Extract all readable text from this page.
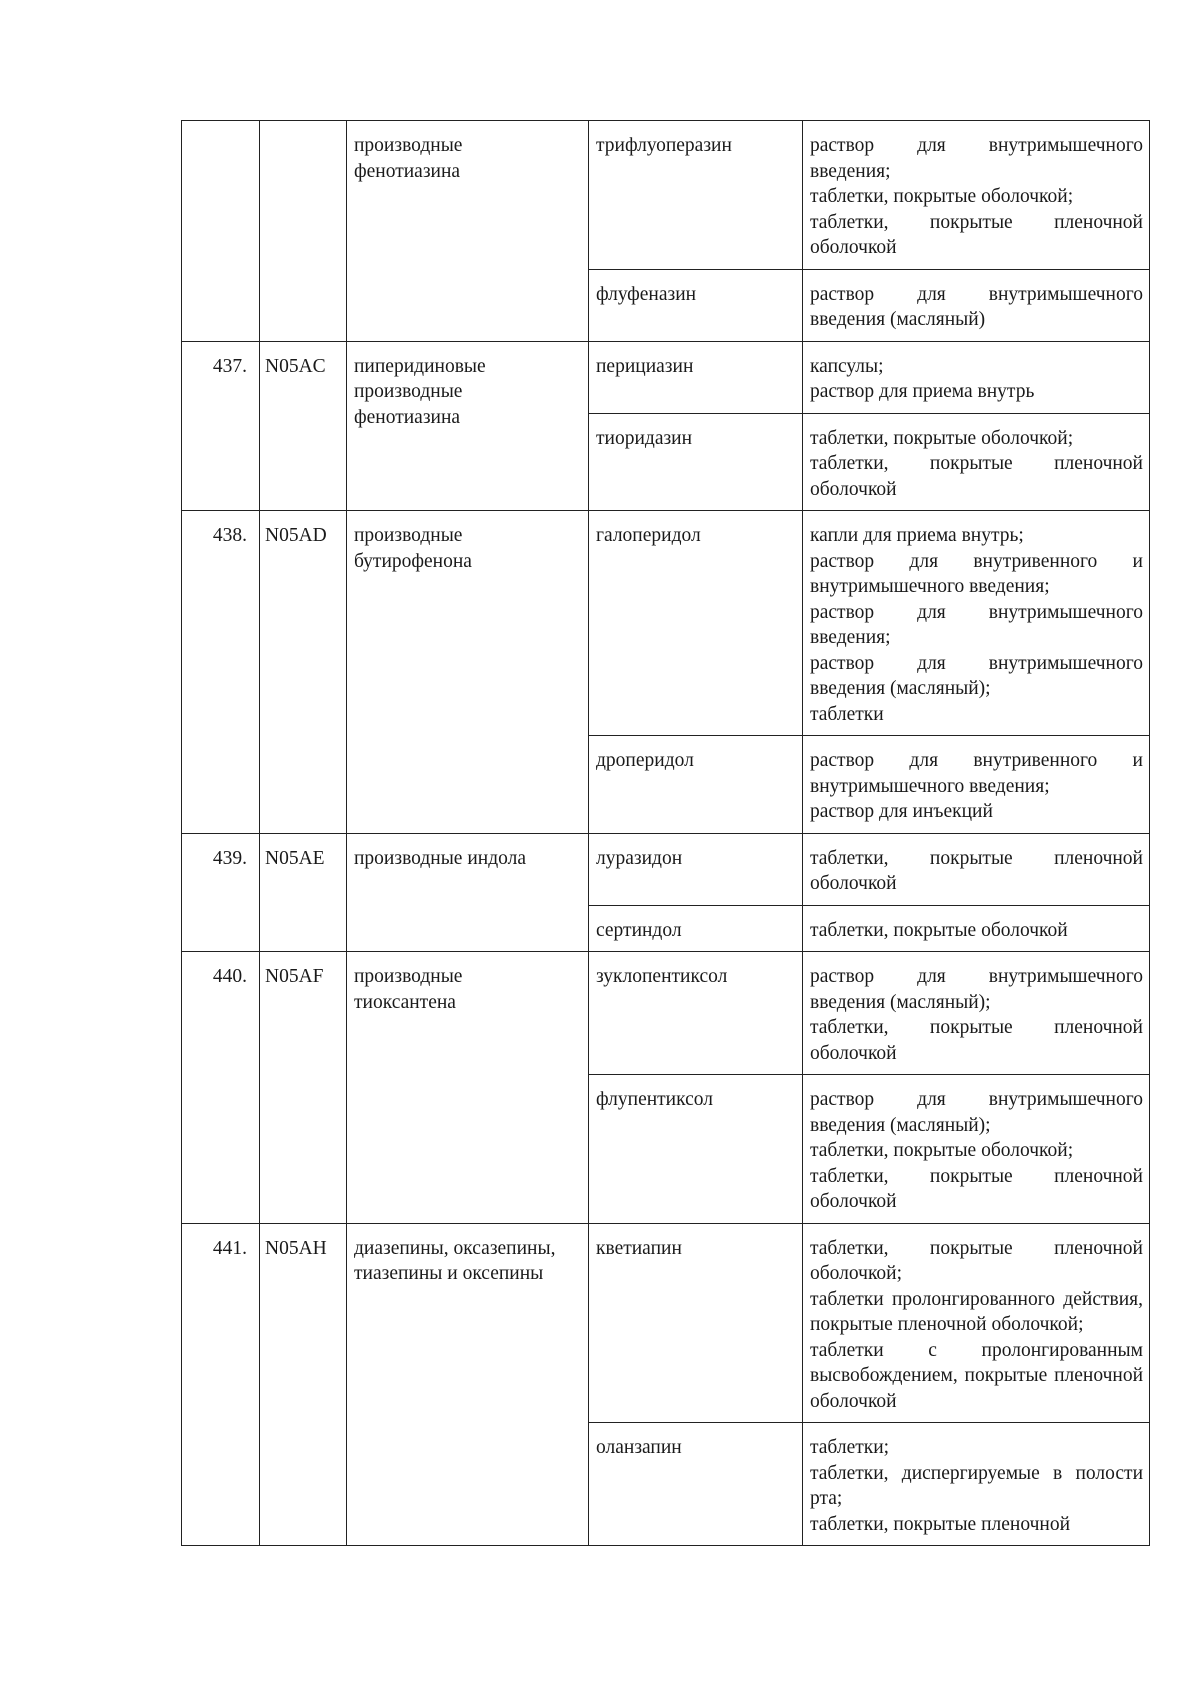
		производные
фенотиазина	трифлуоперазин	раствор для внутримышечного введения;
таблетки, покрытые оболочкой;
таблетки, покрытые пленочной оболочкой

			флуфеназин	раствор для внутримышечного введения (масляный)

437.	N05AC	пиперидиновые
производные
фенотиазина	перициазин	капсулы;
раствор для приема внутрь

			тиоридазин	таблетки, покрытые оболочкой;
таблетки, покрытые пленочной оболочкой

438.	N05AD	производные
бутирофенона	галоперидол	капли для приема внутрь;
раствор для внутривенного и внутримышечного введения;
раствор для внутримышечного введения;
раствор для внутримышечного введения (масляный);
таблетки

			дроперидол	раствор для внутривенного и внутримышечного введения;
раствор для инъекций

439.	N05AE	производные индола	луразидон	таблетки, покрытые пленочной оболочкой

			сертиндол	таблетки, покрытые оболочкой

440.	N05AF	производные
тиоксантена	зуклопентиксол	раствор для внутримышечного введения (масляный);
таблетки, покрытые пленочной оболочкой

			флупентиксол	раствор для внутримышечного введения (масляный);
таблетки, покрытые оболочкой;
таблетки, покрытые пленочной оболочкой

441.	N05AH	диазепины, оксазепины,
тиазепины и оксепины	кветиапин	таблетки, покрытые пленочной оболочкой;
таблетки пролонгированного действия, покрытые пленочной оболочкой;
таблетки с пролонгированным высвобождением, покрытые пленочной оболочкой

			оланзапин	таблетки;
таблетки, диспергируемые в полости рта;
таблетки, покрытые пленочной
